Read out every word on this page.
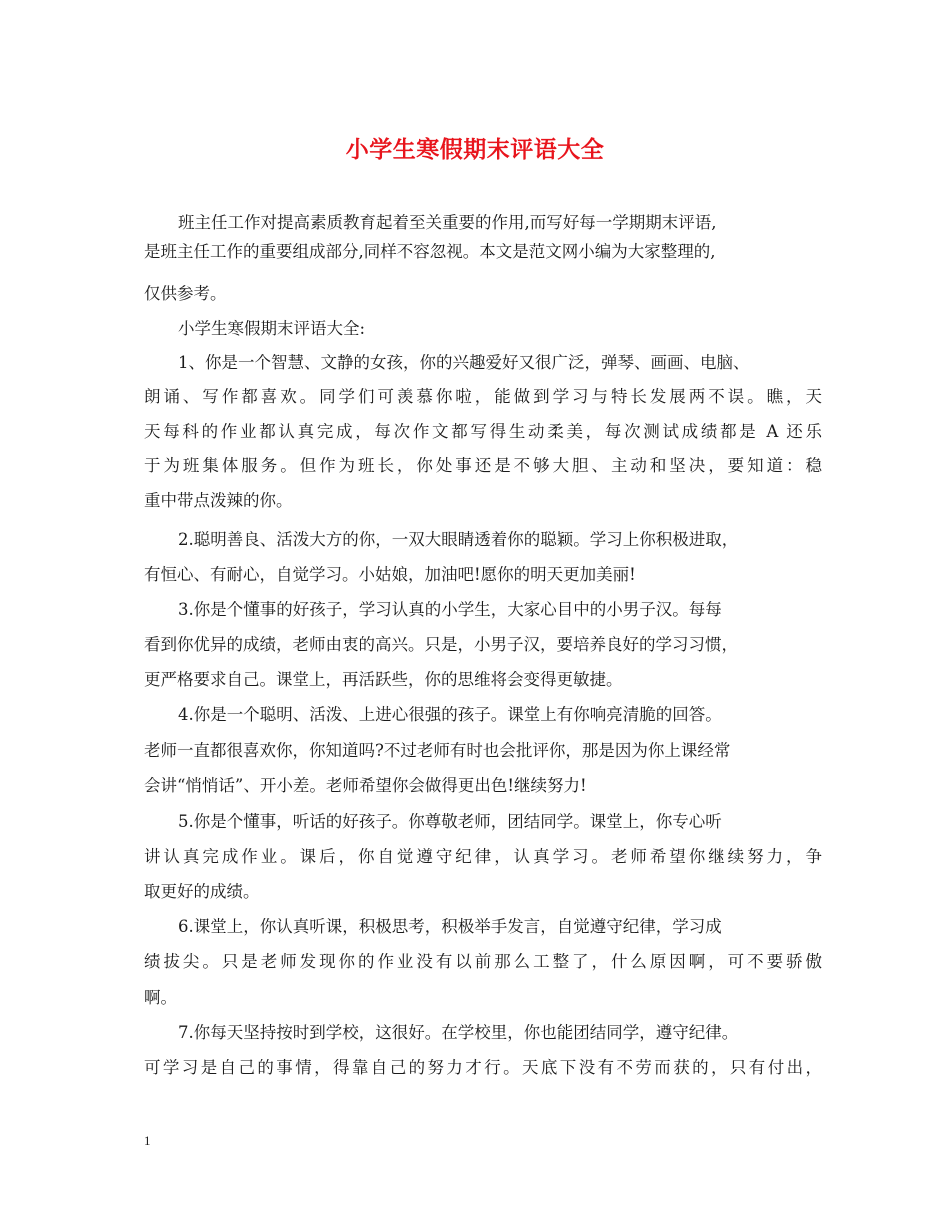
小学生寒假期末评语大全
班主任工作对提高素质教育起着至关重要的作用,而写好每一学期期末评语,
是班主任工作的重要组成部分,同样不容忽视。本文是范文网小编为大家整理的,
仅供参考。
小学生寒假期末评语大全:
1、你是一个智慧、文静的女孩，你的兴趣爱好又很广泛，弹琴、画画、电脑、
朗诵、写作都喜欢。同学们可羡慕你啦，能做到学习与特长发展两不误。瞧，天
天每科的作业都认真完成，每次作文都写得生动柔美，每次测试成绩都是 A 还乐
于为班集体服务。但作为班长，你处事还是不够大胆、主动和坚决，要知道：稳
重中带点泼辣的你。
2.聪明善良、活泼大方的你，一双大眼睛透着你的聪颖。学习上你积极进取，
有恒心、有耐心，自觉学习。小姑娘，加油吧!愿你的明天更加美丽!
3.你是个懂事的好孩子，学习认真的小学生，大家心目中的小男子汉。每每
看到你优异的成绩，老师由衷的高兴。只是，小男子汉，要培养良好的学习习惯，
更严格要求自己。课堂上，再活跃些，你的思维将会变得更敏捷。
4.你是一个聪明、活泼、上进心很强的孩子。课堂上有你响亮清脆的回答。
老师一直都很喜欢你，你知道吗?不过老师有时也会批评你，那是因为你上课经常
会讲“悄悄话”、开小差。老师希望你会做得更出色!继续努力!
5.你是个懂事，听话的好孩子。你尊敬老师，团结同学。课堂上，你专心听
讲认真完成作业。课后，你自觉遵守纪律，认真学习。老师希望你继续努力，争
取更好的成绩。
6.课堂上，你认真听课，积极思考，积极举手发言，自觉遵守纪律，学习成
绩拔尖。只是老师发现你的作业没有以前那么工整了，什么原因啊，可不要骄傲
啊。
7.你每天坚持按时到学校，这很好。在学校里，你也能团结同学，遵守纪律。
可学习是自己的事情，得靠自己的努力才行。天底下没有不劳而获的，只有付出，
1
